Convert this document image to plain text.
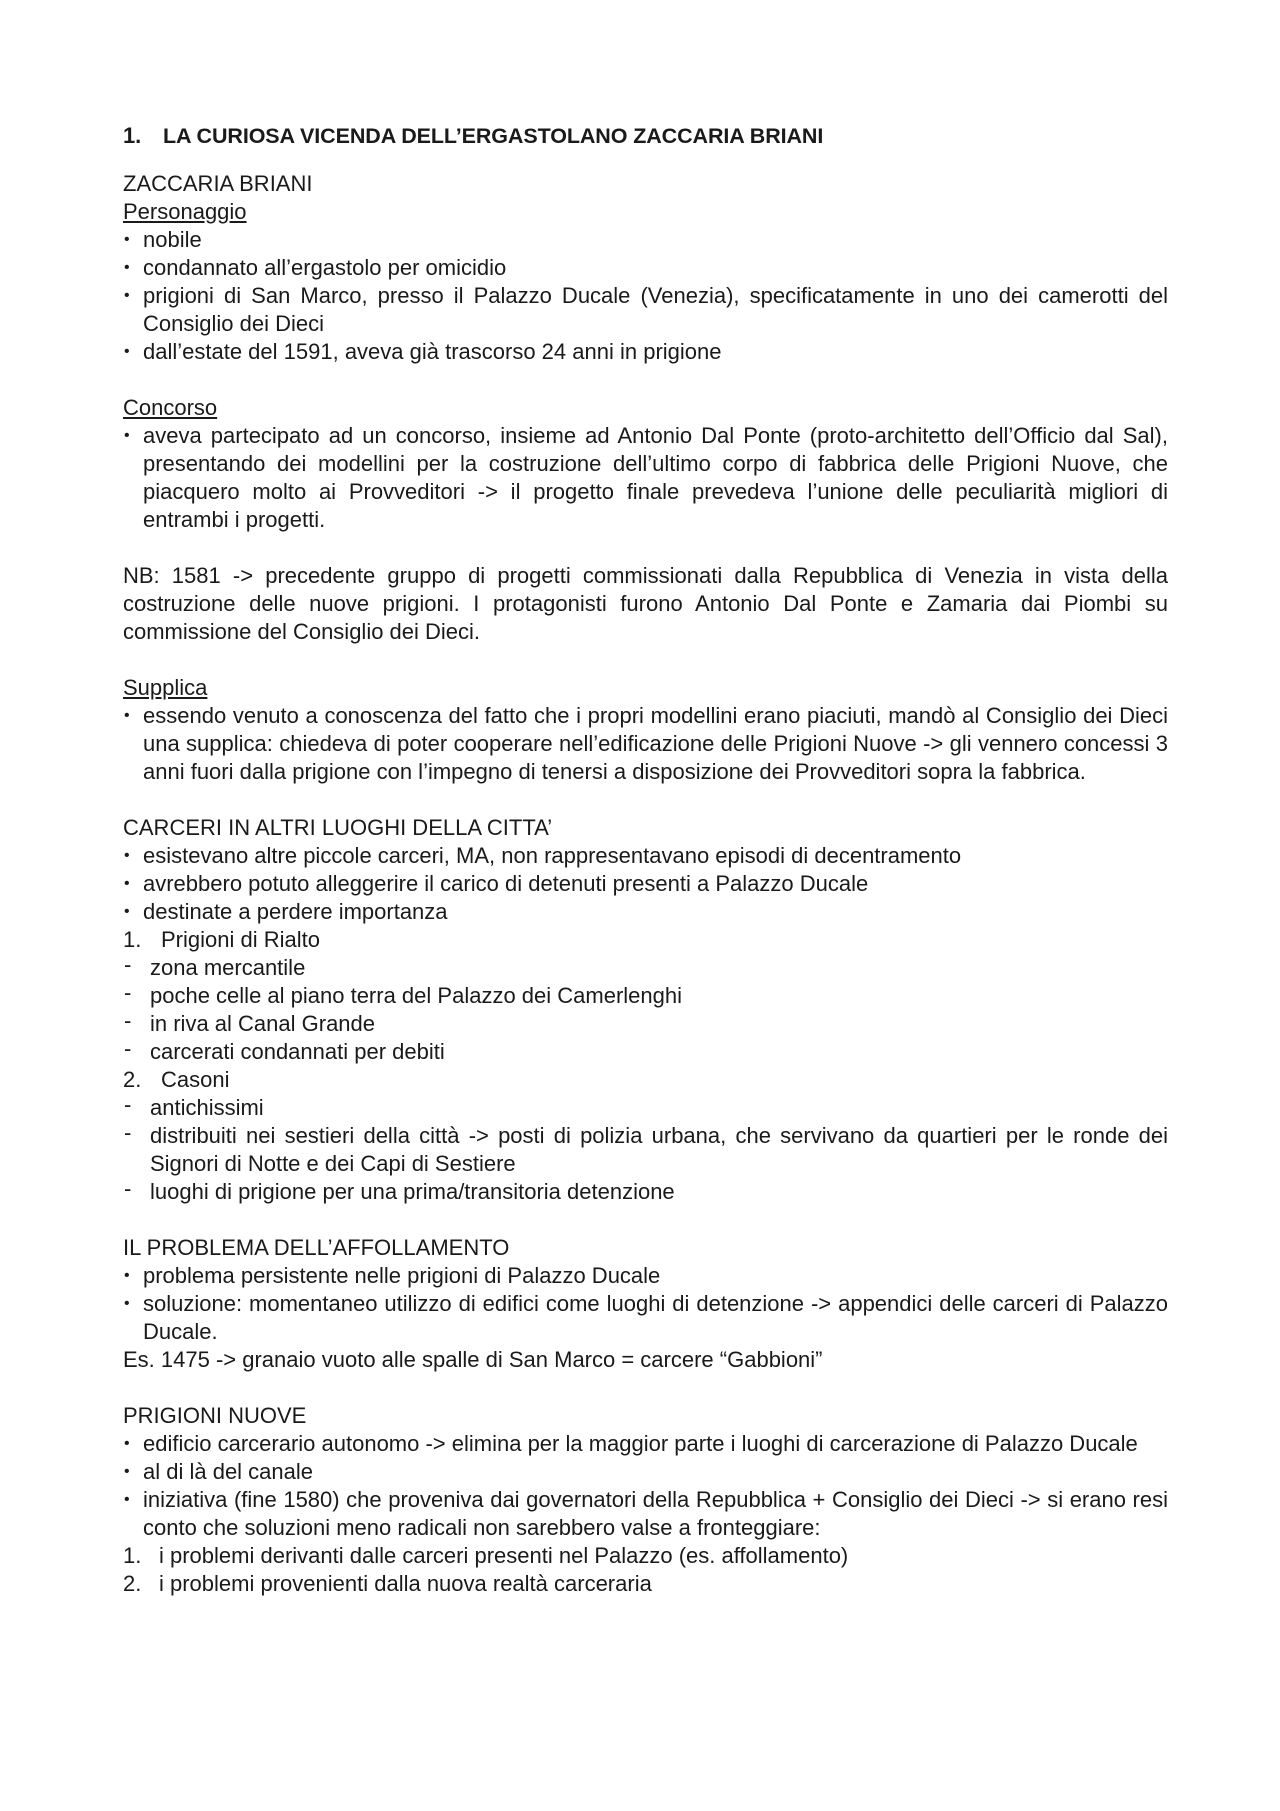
1. LA CURIOSA VICENDA DELL’ERGASTOLANO ZACCARIA BRIANI
ZACCARIA BRIANI
Personaggio
• nobile
• condannato all’ergastolo per omicidio
• prigioni di San Marco, presso il Palazzo Ducale (Venezia), specificatamente in uno dei camerotti del Consiglio dei Dieci
• dall’estate del 1591, aveva già trascorso 24 anni in prigione
Concorso
• aveva partecipato ad un concorso, insieme ad Antonio Dal Ponte (proto-architetto dell’Officio dal Sal), presentando dei modellini per la costruzione dell’ultimo corpo di fabbrica delle Prigioni Nuove, che piacquero molto ai Provveditori -> il progetto finale prevedeva l’unione delle peculiarità migliori di entrambi i progetti.
NB: 1581 -> precedente gruppo di progetti commissionati dalla Repubblica di Venezia in vista della costruzione delle nuove prigioni. I protagonisti furono Antonio Dal Ponte e Zamaria dai Piombi su commissione del Consiglio dei Dieci.
Supplica
• essendo venuto a conoscenza del fatto che i propri modellini erano piaciuti, mandò al Consiglio dei Dieci una supplica: chiedeva di poter cooperare nell’edificazione delle Prigioni Nuove -> gli vennero concessi 3 anni fuori dalla prigione con l’impegno di tenersi a disposizione dei Provveditori sopra la fabbrica.
CARCERI IN ALTRI LUOGHI DELLA CITTA’
• esistevano altre piccole carceri, MA, non rappresentavano episodi di decentramento
• avrebbero potuto alleggerire il carico di detenuti presenti a Palazzo Ducale
• destinate a perdere importanza
1. Prigioni di Rialto
- zona mercantile
- poche celle al piano terra del Palazzo dei Camerlenghi
- in riva al Canal Grande
- carcerati condannati per debiti
2. Casoni
- antichissimi
- distribuiti nei sestieri della città -> posti di polizia urbana, che servivano da quartieri per le ronde dei Signori di Notte e dei Capi di Sestiere
- luoghi di prigione per una prima/transitoria detenzione
IL PROBLEMA DELL’AFFOLLAMENTO
• problema persistente nelle prigioni di Palazzo Ducale
• soluzione: momentaneo utilizzo di edifici come luoghi di detenzione -> appendici delle carceri di Palazzo Ducale.
Es. 1475 -> granaio vuoto alle spalle di San Marco = carcere “Gabbioni”
PRIGIONI NUOVE
• edificio carcerario autonomo -> elimina per la maggior parte i luoghi di carcerazione di Palazzo Ducale
• al di là del canale
• iniziativa (fine 1580) che proveniva dai governatori della Repubblica + Consiglio dei Dieci -> si erano resi conto che soluzioni meno radicali non sarebbero valse a fronteggiare:
1. i problemi derivanti dalle carceri presenti nel Palazzo (es. affollamento)
2. i problemi provenienti dalla nuova realtà carceraria
